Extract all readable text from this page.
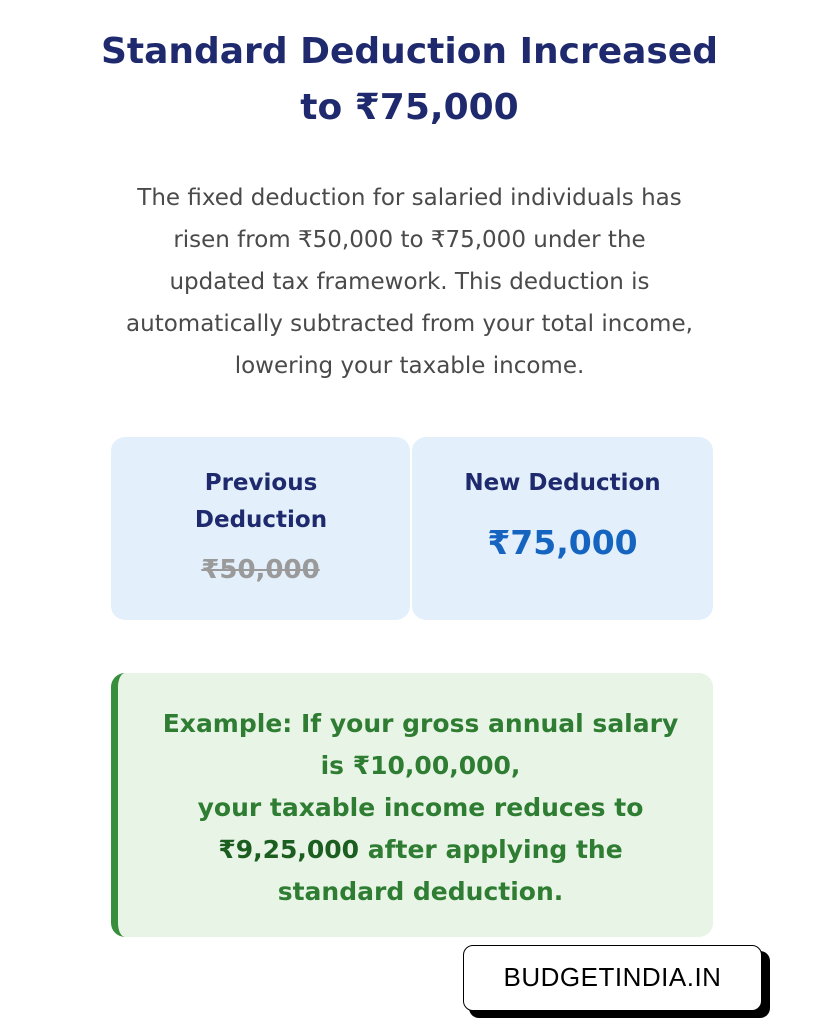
Standard Deduction Increased
to ₹75,000

The fixed deduction for salaried individuals has
risen from ₹50,000 to ₹75,000 under the
updated tax framework. This deduction is
automatically subtracted from your total income,
lowering your taxable income.

Previous
Deduction
₹50,000
New Deduction
₹75,000

Example: If your gross annual salary
is ₹10,00,000,
your taxable income reduces to
₹9,25,000 after applying the
standard deduction.

BUDGETINDIA.IN
